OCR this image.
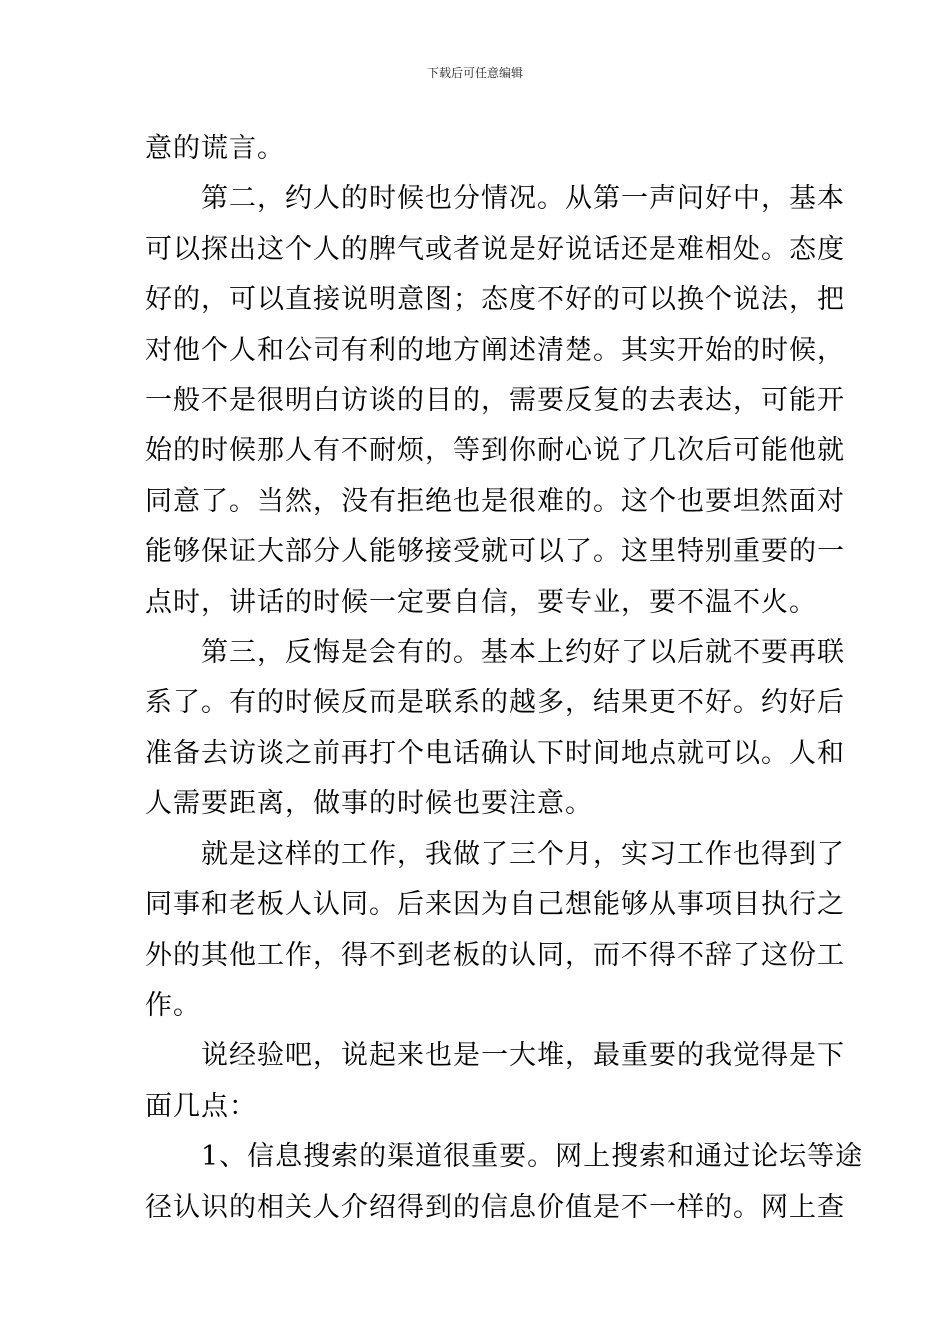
下载后可任意编辑

意的谎言。

第二，约人的时候也分情况。从第一声问好中，基本
可以探出这个人的脾气或者说是好说话还是难相处。态度
好的，可以直接说明意图；态度不好的可以换个说法，把
对他个人和公司有利的地方阐述清楚。其实开始的时候，
一般不是很明白访谈的目的，需要反复的去表达，可能开
始的时候那人有不耐烦，等到你耐心说了几次后可能他就
同意了。当然，没有拒绝也是很难的。这个也要坦然面对
能够保证大部分人能够接受就可以了。这里特别重要的一
点时，讲话的时候一定要自信，要专业，要不温不火。

第三，反悔是会有的。基本上约好了以后就不要再联
系了。有的时候反而是联系的越多，结果更不好。约好后
准备去访谈之前再打个电话确认下时间地点就可以。人和
人需要距离，做事的时候也要注意。

就是这样的工作，我做了三个月，实习工作也得到了
同事和老板人认同。后来因为自己想能够从事项目执行之
外的其他工作，得不到老板的认同，而不得不辞了这份工
作。

说经验吧，说起来也是一大堆，最重要的我觉得是下
面几点：

1、信息搜索的渠道很重要。网上搜索和通过论坛等途
径认识的相关人介绍得到的信息价值是不一样的。网上查
